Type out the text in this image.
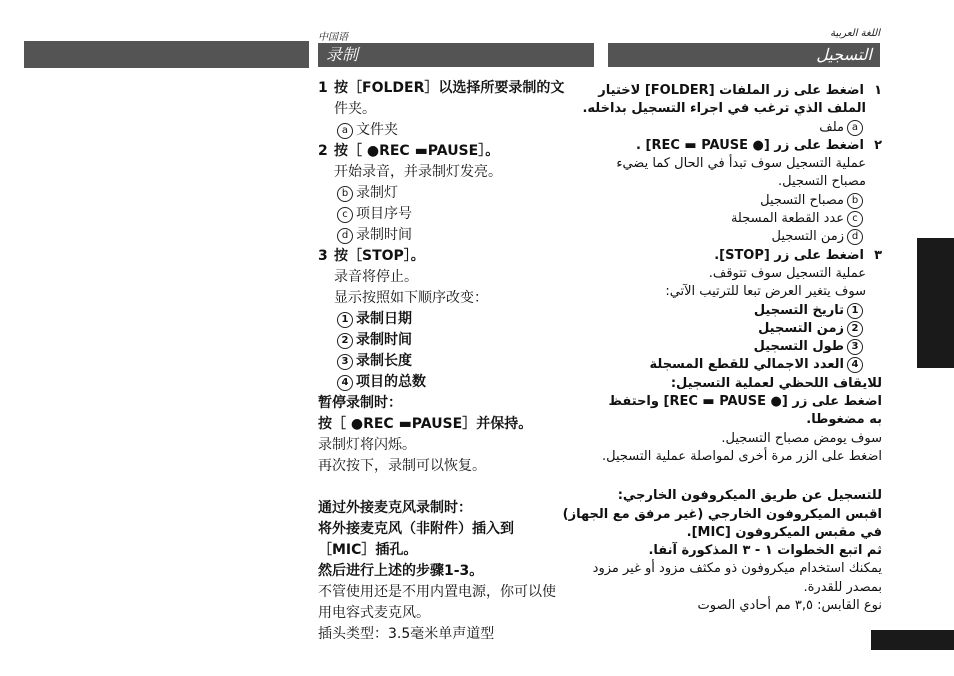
中国语
录制
1 按［FOLDER］以选择所要录制的文
件夹。
a 文件夹
2 按［ ●REC ▬PAUSE］。
开始录音，并录制灯发亮。
b 录制灯
c 项目序号
d 录制时间
3 按［STOP］。
录音将停止。
显示按照如下顺序改变：
1 录制日期
2 录制时间
3 录制长度
4 项目的总数
暂停录制时：
按［ ●REC ▬PAUSE］并保持。
录制灯将闪烁。
再次按下，录制可以恢复。
通过外接麦克风录制时：
将外接麦克风（非附件）插入到
［MIC］插孔。
然后进行上述的步骤1-3。
不管使用还是不用内置电源，你可以使
用电容式麦克风。
插头类型：3.5毫米单声道型
اللغة العربية
التسجيل
١اضغط على زر الملفات [FOLDER] لاختيار
الملف الذي ترغب في اجراء التسجيل بداخله.
aملف
٢اضغط على زر [● REC ▬ PAUSE] .
عملية التسجيل سوف تبدأ في الحال كما يضيء
مصباح التسجيل.
bمصباح التسجيل
cعدد القطعة المسجلة
dزمن التسجيل
٣اضغط على زر [STOP].
عملية التسجيل سوف تتوقف.
سوف يتغير العرض تبعا للترتيب الآتي:
1تاريخ التسجيل
2زمن التسجيل
3طول التسجيل
4العدد الاجمالي للقطع المسجلة
للايقاف اللحظي لعملية التسجيل:
اضغط على زر [● REC ▬ PAUSE] واحتفظ
به مضغوطا.
سوف يومض مصباح التسجيل.
اضغط على الزر مرة أخرى لمواصلة عملية التسجيل.
للتسجيل عن طريق الميكروفون الخارجي:
اقبس الميكروفون الخارجي (غير مرفق مع الجهاز)
في مقبس الميكروفون [MIC].
ثم اتبع الخطوات ١ - ٣ المذكورة آنفا.
يمكنك استخدام ميكروفون ذو مكثف مزود أو غير مزود
بمصدر للقدرة.
نوع القابس: ٣,٥ مم أحادي الصوت
